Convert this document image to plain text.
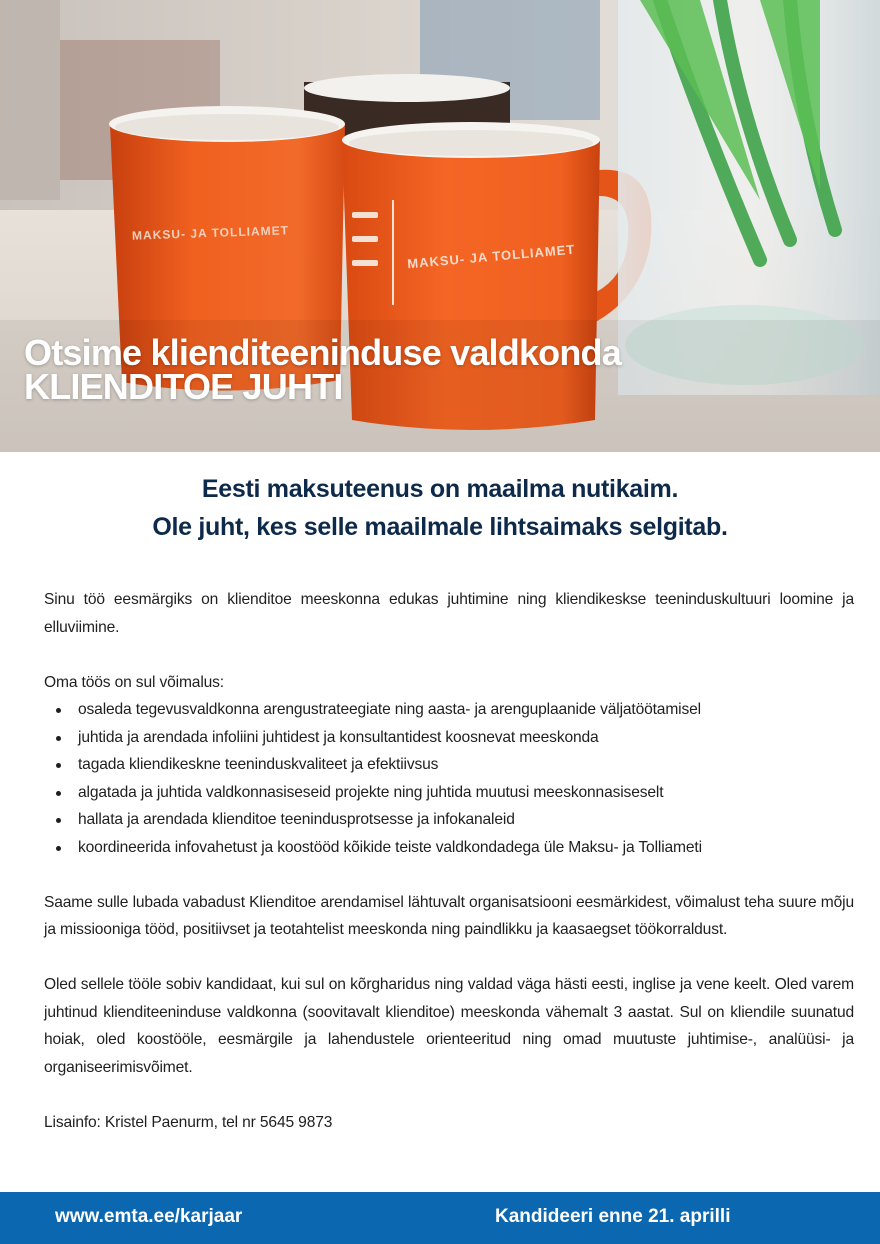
MAKSU- JA TOLLIAMET
MAKSU- JA TOLLIAMET
Otsime klienditeeninduse valdkonda
KLIENDITOE JUHTI
Eesti maksuteenus on maailma nutikaim.
Ole juht, kes selle maailmale lihtsaimaks selgitab.

Sinu töö eesmärgiks on klienditoe meeskonna edukas juhtimine ning kliendikeskse teeninduskultuuri loomine ja elluviimine.

Oma töös on sul võimalus:

osaleda tegevusvaldkonna arengustrateegiate ning aasta- ja arenguplaanide väljatöötamisel
juhtida ja arendada infoliini juhtidest ja konsultantidest koosnevat meeskonda
tagada kliendikeskne teeninduskvaliteet ja efektiivsus
algatada ja juhtida valdkonnasiseseid projekte ning juhtida muutusi meeskonnasiseselt
hallata ja arendada klienditoe teenindusprotsesse ja infokanaleid
koordineerida infovahetust ja koostööd kõikide teiste valdkondadega üle Maksu- ja Tolliameti

Saame sulle lubada vabadust Klienditoe arendamisel lähtuvalt organisatsiooni eesmärkidest, võimalust teha suure mõju ja missiooniga tööd, positiivset ja teotahtelist meeskonda ning paindlikku ja kaasaegset töökorraldust.

Oled sellele tööle sobiv kandidaat, kui sul on kõrgharidus ning valdad väga hästi eesti, inglise ja vene keelt. Oled varem juhtinud klienditeeninduse valdkonna (soovitavalt klienditoe) meeskonda vähemalt 3 aastat. Sul on kliendile suunatud hoiak, oled koostööle, eesmärgile ja lahendustele orienteeritud ning omad muutuste juhtimise-, analüüsi- ja organiseerimisvõimet.

Lisainfo: Kristel Paenurm, tel nr 5645 9873

www.emta.ee/karjaar	Kandideeri enne 21. aprilli
